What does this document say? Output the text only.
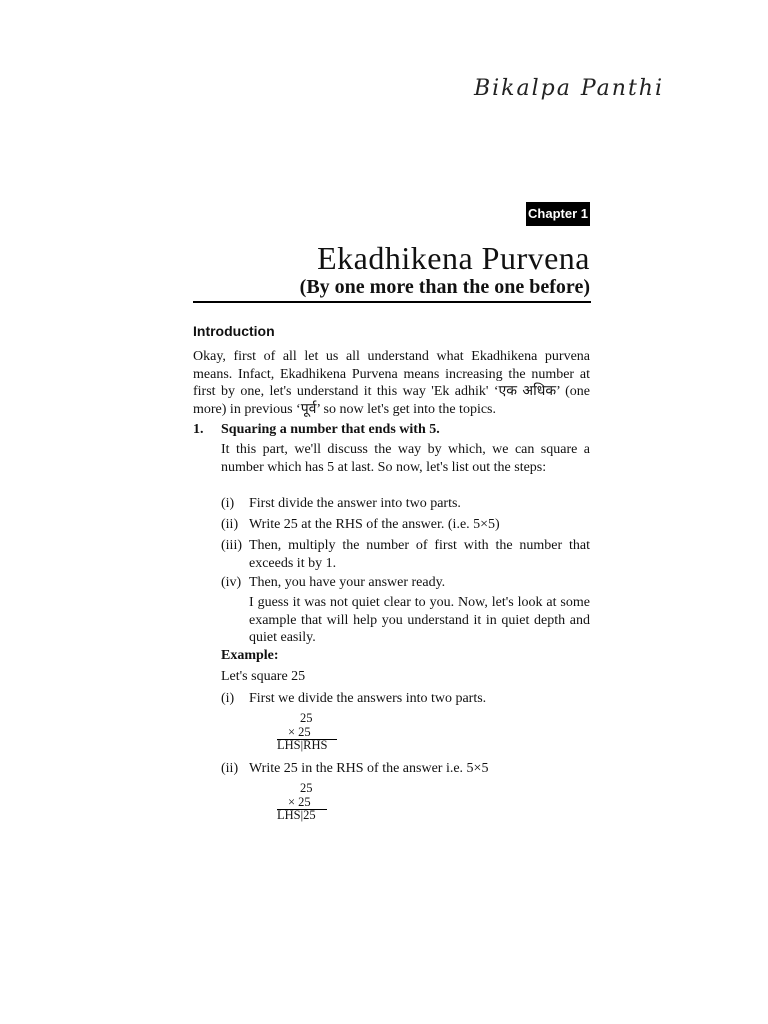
Bikalpa Panthi
Chapter 1
Ekadhikena Purvena
(By one more than the one before)
Introduction
Okay, first of all let us all understand what Ekadhikena purvena means. Infact, Ekadhikena Purvena means increasing the number at first by one, let's understand it this way 'Ek adhik' ‘एक अधिक’ (one more) in previous ‘पूर्व’ so now let's get into the topics.
1. Squaring a number that ends with 5.
It this part, we'll discuss the way by which, we can square a number which has 5 at last. So now, let's list out the steps:
(i) First divide the answer into two parts.
(ii) Write 25 at the RHS of the answer. (i.e. 5×5)
(iii) Then, multiply the number of first with the number that exceeds it by 1.
(iv) Then, you have your answer ready.
I guess it was not quiet clear to you. Now, let's look at some example that will help you understand it in quiet depth and quiet easily.
Example:
Let's square 25
(i) First we divide the answers into two parts.
25
× 25
LHS|RHS
(ii) Write 25 in the RHS of the answer i.e. 5×5
25
× 25
LHS|25
